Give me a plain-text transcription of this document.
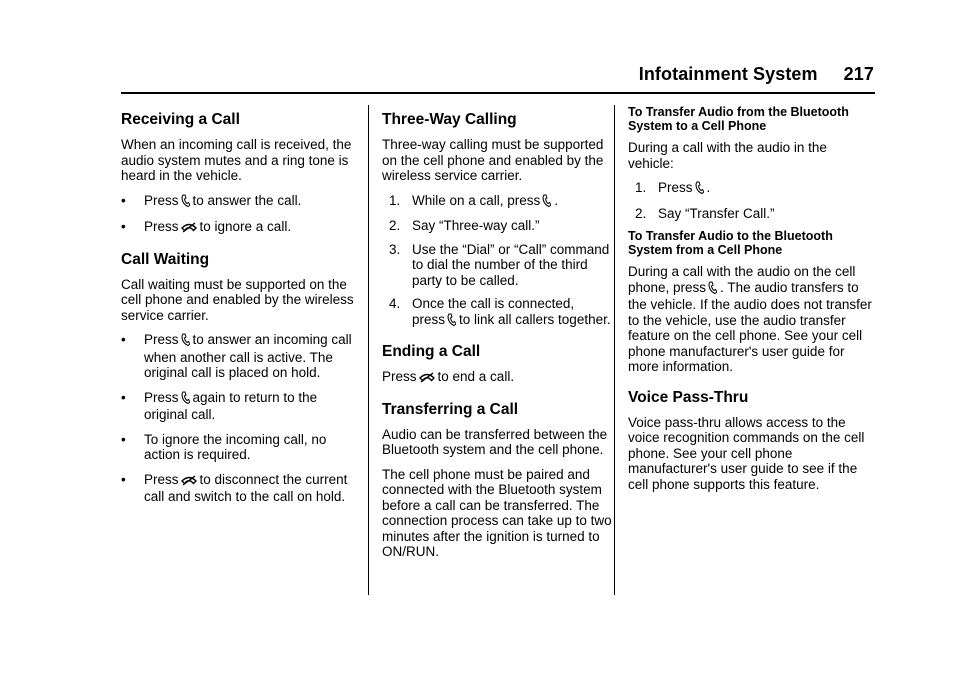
Infotainment System 217
Receiving a Call

When an incoming call is received, the audio system mutes and a ring tone is heard in the vehicle.

• Press to answer the call.
• Press to ignore a call.
Call Waiting

Call waiting must be supported on the cell phone and enabled by the wireless service carrier.

• Press to answer an incoming call when another call is active. The original call is placed on hold.
• Press again to return to the original call.
• To ignore the incoming call, no action is required.
• Press to disconnect the current call and switch to the call on hold.
Three-Way Calling

Three-way calling must be supported on the cell phone and enabled by the wireless service carrier.

1. While on a call, press .
2. Say “Three-way call.”
3. Use the “Dial” or “Call” command to dial the number of the third party to be called.
4. Once the call is connected,
press to link all callers together.
Ending a Call

Press to end a call.

Transferring a Call

Audio can be transferred between the Bluetooth system and the cell phone.

The cell phone must be paired and connected with the Bluetooth system before a call can be transferred. The connection process can take up to two minutes after the ignition is turned to ON/RUN.

To Transfer Audio from the Bluetooth System to a Cell Phone

During a call with the audio in the vehicle:

1. Press .
2. Say “Transfer Call.”
To Transfer Audio to the Bluetooth System from a Cell Phone

During a call with the audio on the cell phone, press . The audio transfers to the vehicle. If the audio does not transfer to the vehicle, use the audio transfer feature on the cell phone. See your cell phone manufacturer's user guide for more information.

Voice Pass-Thru

Voice pass-thru allows access to the voice recognition commands on the cell phone. See your cell phone manufacturer's user guide to see if the cell phone supports this feature.
